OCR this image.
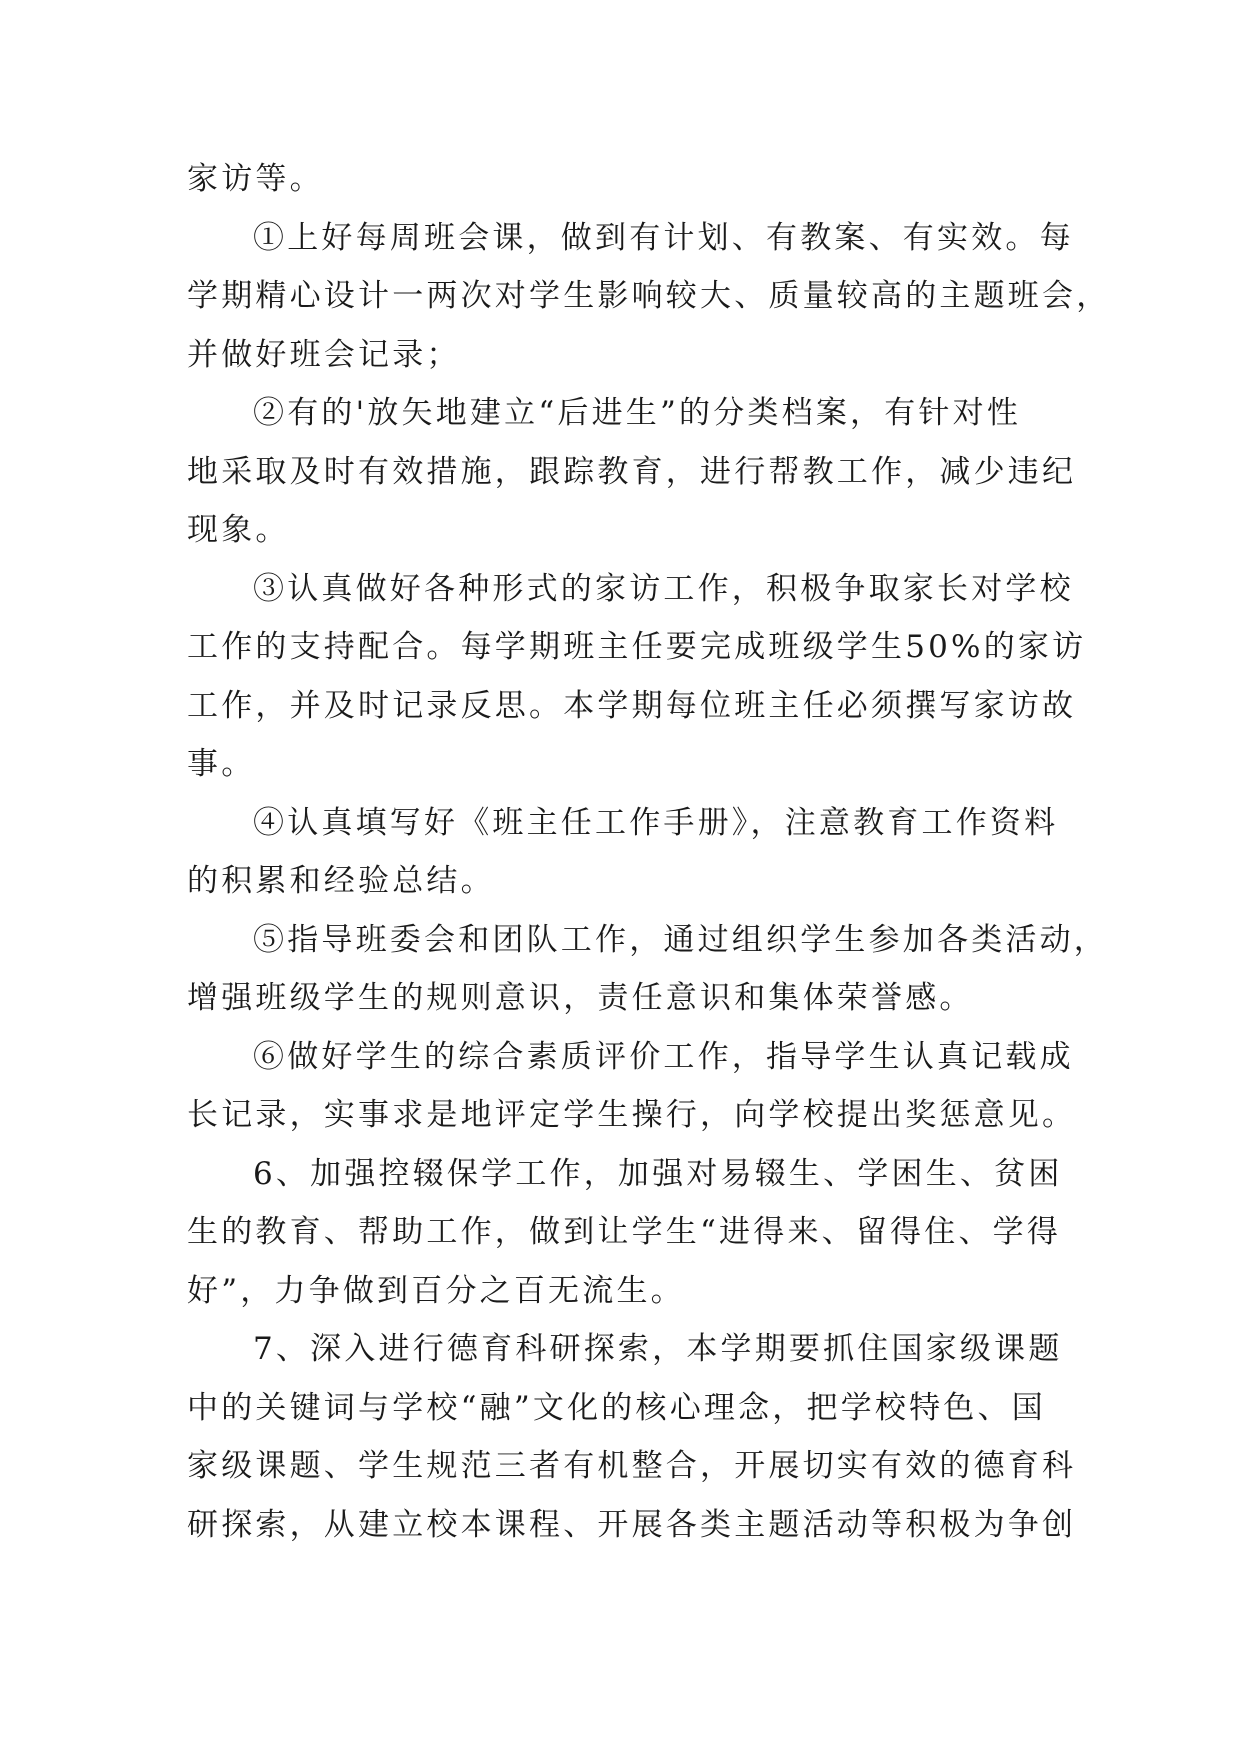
家访等。
①上好每周班会课，做到有计划、有教案、有实效。每
学期精心设计一两次对学生影响较大、质量较高的主题班会，
并做好班会记录；
②有的'放矢地建立“后进生”的分类档案，有针对性
地采取及时有效措施，跟踪教育，进行帮教工作，减少违纪
现象。
③认真做好各种形式的家访工作，积极争取家长对学校
工作的支持配合。每学期班主任要完成班级学生50%的家访
工作，并及时记录反思。本学期每位班主任必须撰写家访故
事。
④认真填写好《班主任工作手册》，注意教育工作资料
的积累和经验总结。
⑤指导班委会和团队工作，通过组织学生参加各类活动，
增强班级学生的规则意识，责任意识和集体荣誉感。
⑥做好学生的综合素质评价工作，指导学生认真记载成
长记录，实事求是地评定学生操行，向学校提出奖惩意见。
6、加强控辍保学工作，加强对易辍生、学困生、贫困
生的教育、帮助工作，做到让学生“进得来、留得住、学得
好”，力争做到百分之百无流生。
7、深入进行德育科研探索，本学期要抓住国家级课题
中的关键词与学校“融”文化的核心理念，把学校特色、国
家级课题、学生规范三者有机整合，开展切实有效的德育科
研探索，从建立校本课程、开展各类主题活动等积极为争创
